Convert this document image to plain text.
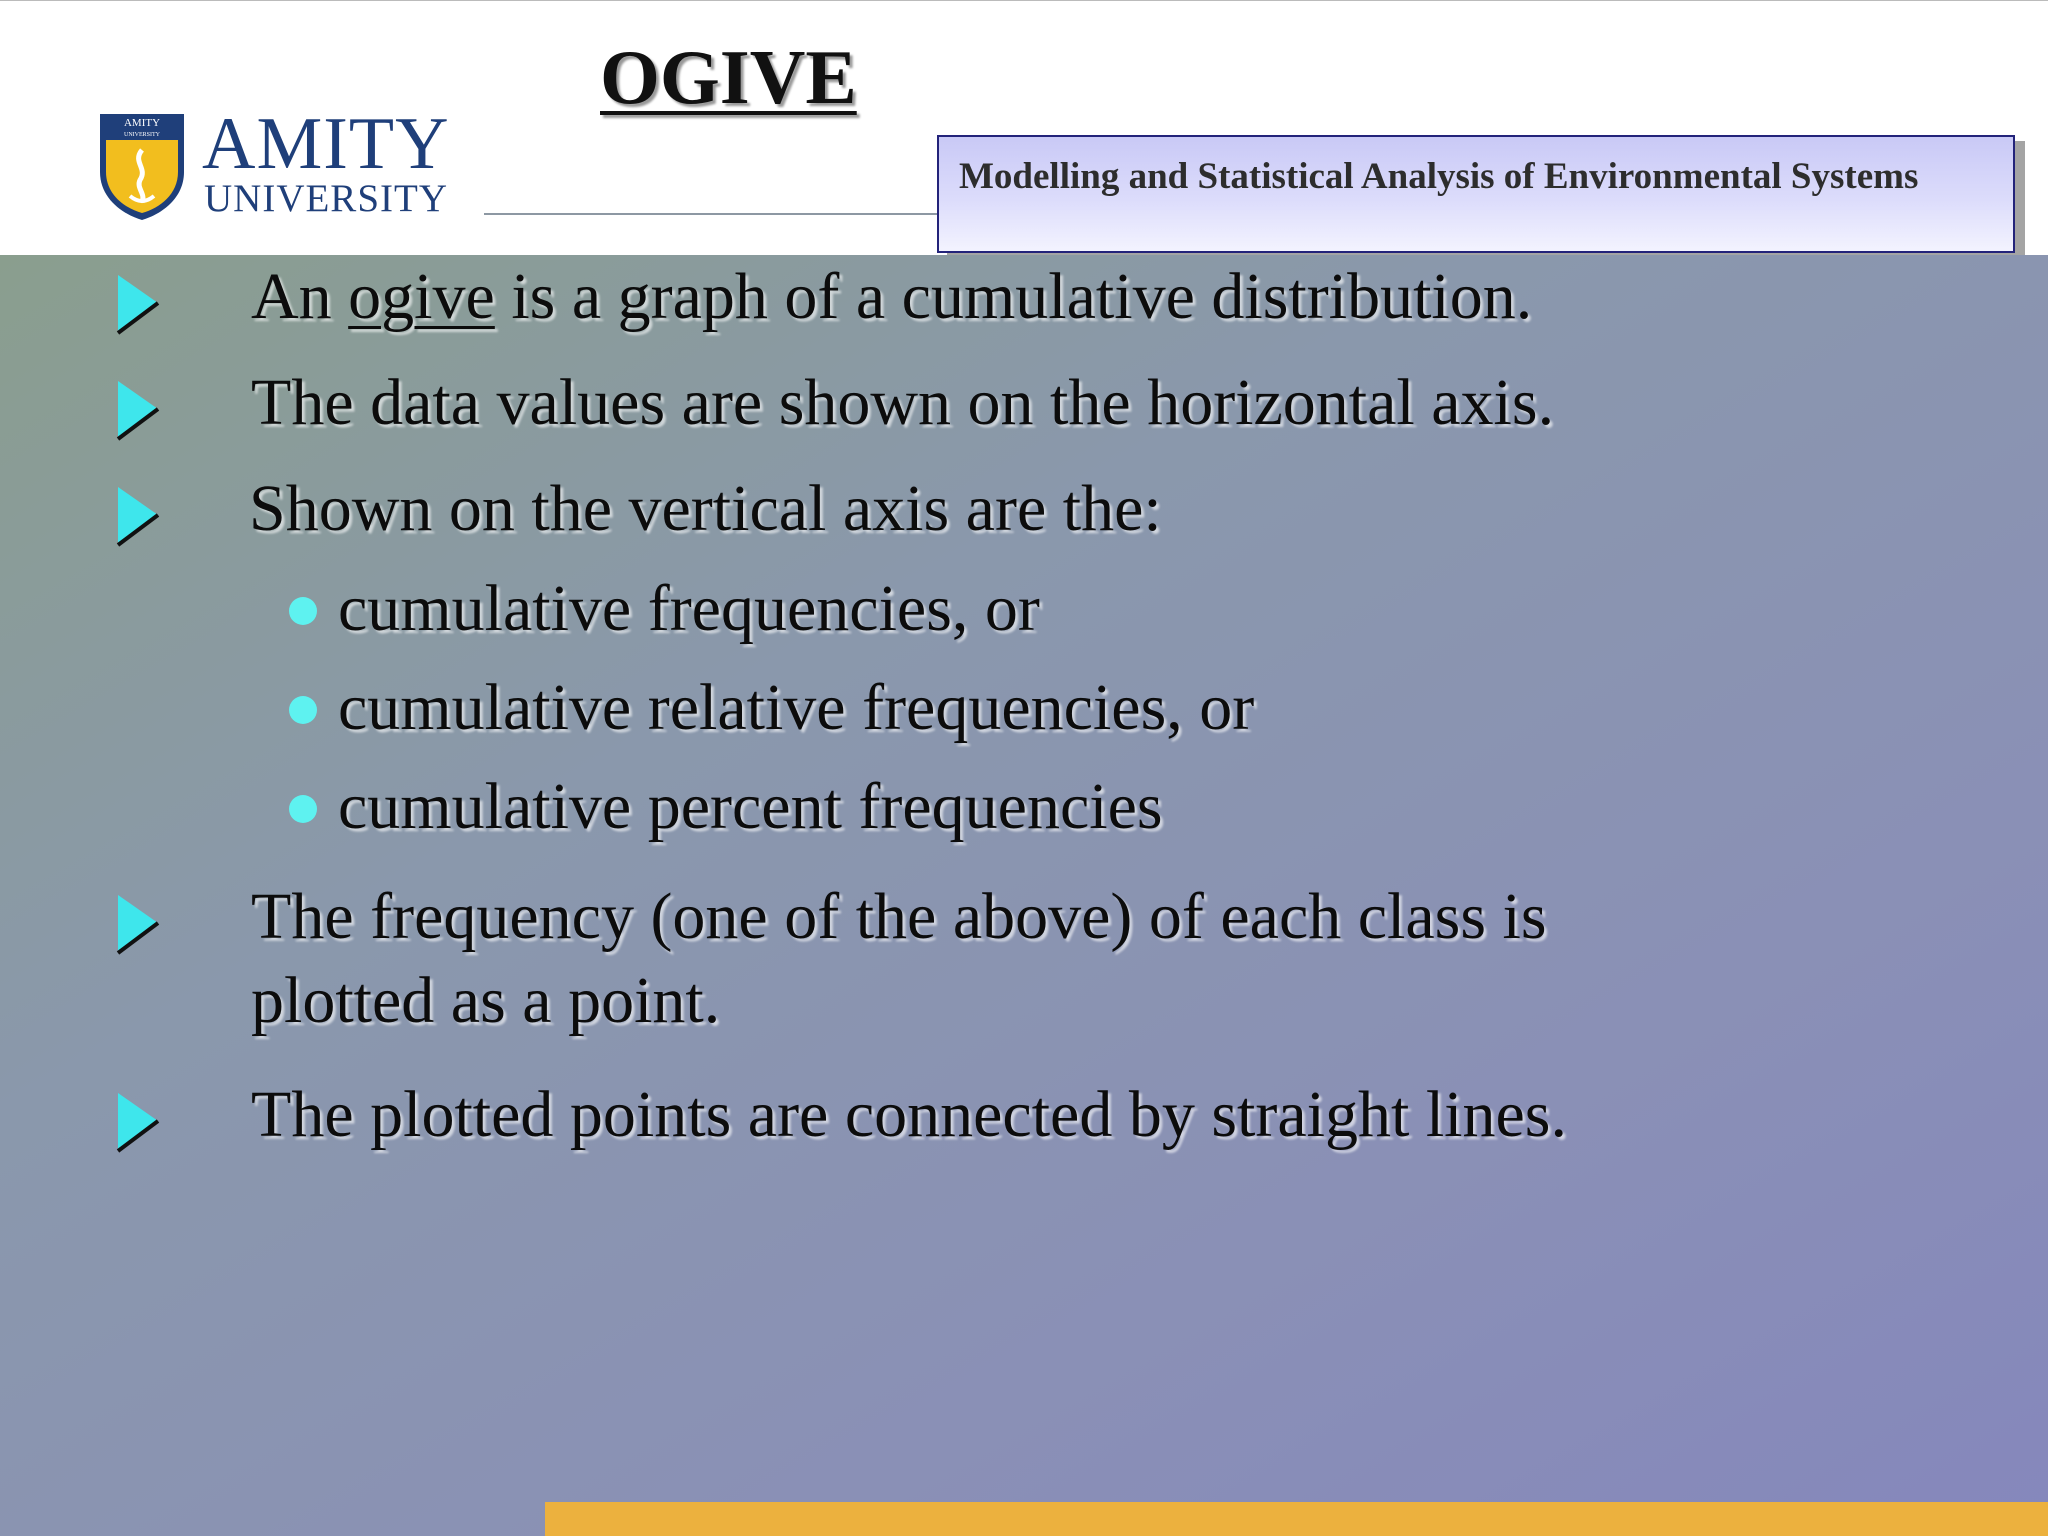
AMITY
UNIVERSITY AMITY
UNIVERSITY
OGIVE
Modelling and Statistical Analysis of Environmental Systems
An ogive is a graph of a cumulative distribution.
The data values are shown on the horizontal axis.
Shown on the vertical axis are the:
cumulative frequencies, or
cumulative relative frequencies, or
cumulative percent frequencies
The frequency (one of the above) of each class is
plotted as a point.
The plotted points are connected by straight lines.
